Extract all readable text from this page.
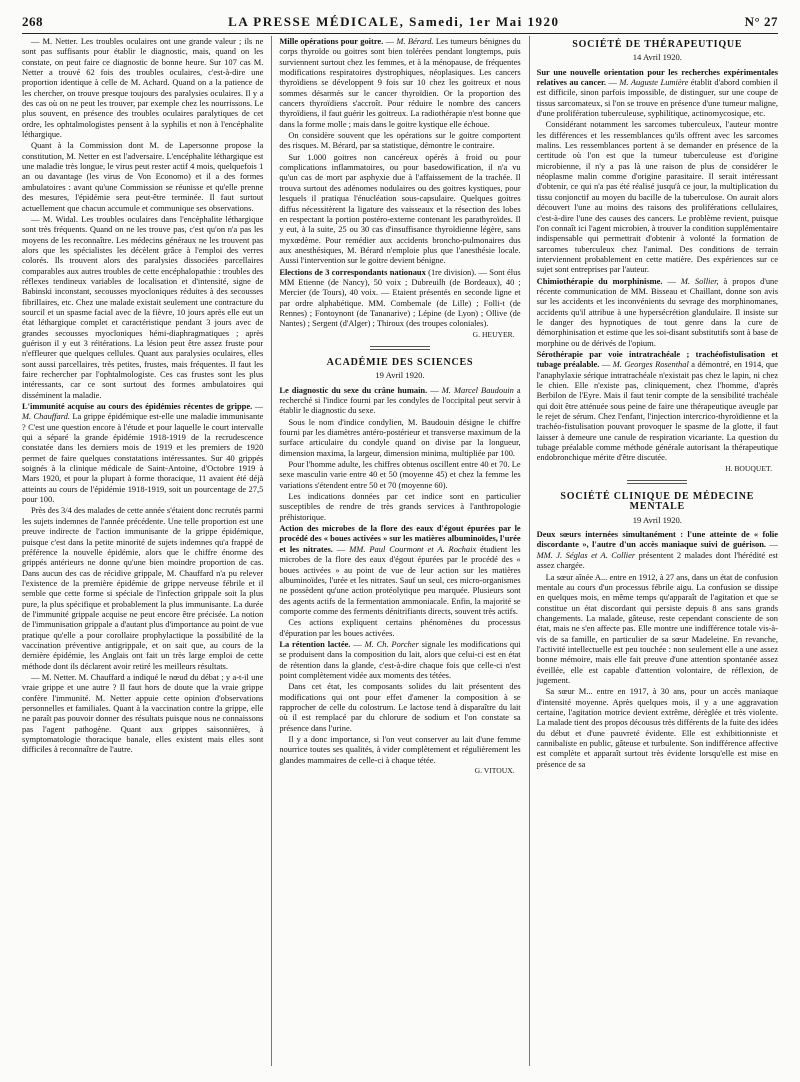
268	LA PRESSE MÉDICALE, Samedi, 1er Mai 1920	N° 27

— M. Netter. Les troubles oculaires ont une grande valeur ; ils ne sont pas suffisants pour établir le diagnostic, mais, quand on les constate, on peut faire ce diagnostic de bonne heure. Sur 107 cas M. Netter a trouvé 62 fois des troubles oculaires, c'est-à-dire une proportion identique à celle de M. Achard. Quand on a la patience de les chercher, on trouve presque toujours des paralysies oculaires. Il y a des cas où on ne peut les trouver, par exemple chez les nourrissons. Le plus souvent, en présence des troubles oculaires paralytiques de cet ordre, les ophtalmologistes pensent à la syphilis et non à l'encéphalite léthargique.

Quant à la Commission dont M. de Lapersonne propose la constitution, M. Netter en est l'adversaire. L'encéphalite léthargique est une maladie très longue, le virus peut rester actif 4 mois, quelquefois 1 an ou davantage (les virus de Von Economo) et il a des formes ambulatoires : avant qu'une Commission se réunisse et qu'elle prenne des mesures, l'épidémie sera peut-être terminée. Il faut surtout actuellement que chacun accumule et communique ses observations.

— M. Widal. Les troubles oculaires dans l'encéphalite léthargique sont très fréquents. Quand on ne les trouve pas, c'est qu'on n'a pas les moyens de les reconnaître. Les médecins généraux ne les trouvent pas alors que les spécialistes les décèlent grâce à l'emploi des verres colorés. Ils trouvent alors des paralysies dissociées parcellaires comparables aux autres troubles de cette encéphalopathie : troubles des réflexes tendineux variables de localisation et d'intensité, signe de Babinski inconstant, secousses myocloniques réduites à des secousses fibrillaires, etc. Chez une malade existait seulement une contracture du sourcil et un spasme facial avec de la fièvre, 10 jours après elle eut un état léthargique complet et caractéristique pendant 3 jours avec de grandes secousses myocloniques hémi-diaphragmatiques ; après guérison il y eut 3 réitérations. La lésion peut être assez fruste pour n'effleurer que quelques cellules. Quant aux paralysies oculaires, elles sont aussi parcellaires, très petites, frustes, mais fréquentes. Il faut les faire rechercher par l'ophtalmologiste. Ces cas frustes sont les plus intéressants, car ce sont surtout des formes ambulatoires qui disséminent la maladie.

L'immunité acquise au cours des épidémies récentes de grippe. — M. Chauffard. La grippe épidémique est-elle une maladie immunisante ? C'est une question encore à l'étude et pour laquelle le court intervalle qui a séparé la grande épidémie 1918-1919 de la recrudescence constatée dans les derniers mois de 1919 et les premiers de 1920 permet de faire quelques constatations intéressantes. Sur 40 grippés soignés à la clinique médicale de Saint-Antoine, d'Octobre 1919 à Mars 1920, et pour la plupart à forme thoracique, 11 avaient été déjà atteints au cours de l'épidémie 1918-1919, soit un pourcentage de 27,5 pour 100.

Près des 3/4 des malades de cette année s'étaient donc recrutés parmi les sujets indemnes de l'année précédente. Une telle proportion est une preuve indirecte de l'action immunisante de la grippe épidémique, puisque c'est dans la petite minorité de sujets indemnes qu'a frappé de préférence la nouvelle épidémie, alors que le chiffre énorme des grippés antérieurs ne donne qu'une bien moindre proportion de cas. Dans aucun des cas de récidive grippale, M. Chauffard n'a pu relever l'existence de la première épidémie de grippe nerveuse fébrile et il semble que cette forme si spéciale de l'infection grippale soit la plus pure, la plus spécifique et probablement la plus immunisante. La durée de l'immunité grippale acquise ne peut encore être précisée. La notion de l'immunisation grippale a d'autant plus d'importance au point de vue pratique qu'elle a pour corollaire prophylactique la possibilité de la vaccination préventive antigrippale, et on sait que, au cours de la dernière épidémie, les Anglais ont fait un très large emploi de cette méthode dont ils déclarent avoir retiré les meilleurs résultats.

— M. Netter. M. Chauffard a indiqué le nœud du débat ; y a-t-il une vraie grippe et une autre ? Il faut hors de doute que la vraie grippe confère l'immunité. M. Netter appuie cette opinion d'observations personnelles et familiales. Quant à la vaccination contre la grippe, elle ne paraît pas pouvoir donner des résultats puisque nous ne connaissons pas l'agent pathogène. Quant aux grippes saisonnières, à symptomatologie thoracique banale, elles existent mais elles sont difficiles à reconnaître de l'autre.

Mille opérations pour goitre. — M. Bérard. Les tumeurs bénignes du corps thyroïde ou goitres sont bien tolérées pendant longtemps, puis surviennent surtout chez les femmes, et à la ménopause, de fréquentes modifications respiratoires dystrophiques, néoplasiques. Les cancers thyroïdiens se développent 9 fois sur 10 chez les goitreux et nous sommes désarmés sur le cancer thyroïdien. Or la proportion des cancers thyroïdiens s'accroît. Pour réduire le nombre des cancers thyroïdiens, il faut guérir les goitreux. La radiothérapie n'est bonne que dans la forme molle ; mais dans le goitre kystique elle échoue.

On considère souvent que les opérations sur le goitre comportent des risques. M. Bérard, par sa statistique, démontre le contraire.

Sur 1.000 goitres non cancéreux opérés à froid ou pour complications inflammatoires, ou pour basedowification, il n'a vu qu'un cas de mort par asphyxie due à l'affaissement de la trachée. Il trouva surtout des adénomes nodulaires ou des goitres kystiques, pour lesquels il pratiqua l'énucléation sous-capsulaire. Quelques goitres diffus nécessitèrent la ligature des vaisseaux et la résection des lobes en respectant la portion postéro-externe contenant les parathyroïdes. Il y eut, à la suite, 25 ou 30 cas d'insuffisance thyroïdienne légère, sans myxœdème. Pour remédier aux accidents broncho-pulmonaires dus aux anesthésiques, M. Bérard n'emploie plus que l'anesthésie locale. Aussi l'intervention sur le goitre devient bénigne.

Elections de 3 correspondants nationaux (1re division). — Sont élus MM Etienne (de Nancy), 50 voix ; Dubreuilh (de Bordeaux), 40 ; Mercier (de Tours), 40 voix. — Etaient présentés en seconde ligne et par ordre alphabétique. MM. Combemale (de Lille) ; Folli-t (de Rennes) ; Fontoynont (de Tananarive) ; Lépine (de Lyon) ; Ollive (de Nantes) ; Sergent (d'Alger) ; Thiroux (des troupes coloniales).

G. HEUYER.
ACADÉMIE DES SCIENCES
19 Avril 1920.

Le diagnostic du sexe du crâne humain. — M. Marcel Baudouin a recherché si l'indice fourni par les condyles de l'occipital peut servir à établir le diagnostic du sexe.

Sous le nom d'indice condylien, M. Baudouin désigne le chiffre fourni par les diamètres antéro-postérieur et transverse maximum de la surface articulaire du condyle quand on divise par la longueur, dimension maxima, la largeur, dimension minima, multipliée par 100.

Pour l'homme adulte, les chiffres obtenus oscillent entre 40 et 70. Le sexe masculin varie entre 40 et 50 (moyenne 45) et chez la femme les variations s'étendent entre 50 et 70 (moyenne 60).

Les indications données par cet indice sont en particulier susceptibles de rendre de très grands services à l'anthropologie préhistorique.

Action des microbes de la flore des eaux d'égout épurées par le procédé des « boues activées » sur les matières albuminoïdes, l'urée et les nitrates. — MM. Paul Courmont et A. Rochaix étudient les microbes de la flore des eaux d'égout épurées par le procédé des « boues activées » au point de vue de leur action sur les matières albuminoïdes, l'urée et les nitrates. Sauf un seul, ces micro-organismes ne possèdent qu'une action protéolytique peu marquée. Plusieurs sont des agents actifs de la fermentation ammoniacale. Enfin, la majorité se comporte comme des ferments dénitrifiants directs, souvent très actifs.

Ces actions expliquent certains phénomènes du processus d'épuration par les boues activées.

La rétention lactée. — M. Ch. Porcher signale les modifications qui se produisent dans la composition du lait, alors que celui-ci est en état de rétention dans la glande, c'est-à-dire chaque fois que celle-ci n'est point complètement vidée aux moments des tétées.

Dans cet état, les composants solides du lait présentent des modifications qui ont pour effet d'amener la composition à se rapprocher de celle du colostrum. Le lactose tend à disparaître du lait où il est remplacé par du chlorure de sodium et l'on constate sa présence dans l'urine.

Il y a donc importance, si l'on veut conserver au lait d'une femme nourrice toutes ses qualités, à vider complètement et régulièrement les glandes mammaires de celle-ci à chaque tétée.

G. VITOUX.
SOCIÉTÉ DE THÉRAPEUTIQUE
14 Avril 1920.

Sur une nouvelle orientation pour les recherches expérimentales relatives au cancer. — M. Auguste Lumière établit d'abord combien il est difficile, sinon parfois impossible, de distinguer, sur une coupe de tissus sarcomateux, si l'on se trouve en présence d'une tumeur maligne, d'une prolifération tuberculeuse, syphilitique, actinomycosique, etc.

Considérant notamment les sarcomes tuberculeux, l'auteur montre les différences et les ressemblances qu'ils offrent avec les sarcomes malins. Les ressemblances portent à se demander en présence de la certitude où l'on est que la tumeur tuberculeuse est d'origine microbienne, il n'y a pas là une raison de plus de considérer le néoplasme malin comme d'origine parasitaire. Il serait intéressant d'obtenir, ce qui n'a pas été réalisé jusqu'à ce jour, la multiplication du tissu conjonctif au moyen du bacille de la tuberculose. On aurait alors découvert l'une au moins des raisons des proliférations cellulaires, c'est-à-dire l'une des causes des cancers. Le problème revient, puisque l'on connaît ici l'agent microbien, à trouver la condition supplémentaire indispensable qui permettrait d'obtenir à volonté la formation de sarcomes tuberculeux chez l'animal. Des conditions de terrain interviennent probablement en cette matière. Des expériences sur ce sujet sont entreprises par l'auteur.

Chimiothérapie du morphinisme. — M. Sollier, à propos d'une récente communication de MM. Bisseau et Chaillant, donne son avis sur les accidents et les inconvénients du sevrage des morphinomanes, accidents qu'il attribue à une hypersécrétion glandulaire. Il insiste sur le danger des hypnotiques de tout genre dans la cure de démorphinisation et estime que les soi-disant substitutifs sont à base de morphine ou de dérivés de l'opium.

Sérothérapie par voie intratrachéale ; trachéofistulisation et tubage préalable. — M. Georges Rosenthal a démontré, en 1914, que l'anaphylaxie sérique intratrachéale n'existait pas chez le lapin, ni chez le chien. Elle n'existe pas, cliniquement, chez l'homme, d'après Berbilon de l'Eyre. Mais il faut tenir compte de la sensibilité trachéale qui doit être atténuée sous peine de faire une thérapeutique aveugle par le rejet de sérum. Chez l'enfant, l'injection intercrico-thyroïdienne et la trachéo-fistulisation pouvant provoquer le spasme de la glotte, il faut laisser à demeure une canule de respiration vicariante. La question du tubage préalable comme méthode générale autorisant la thérapeutique endobronchique mérite d'être discutée.

H. BOUQUET.
SOCIÉTÉ CLINIQUE DE MÉDECINE MENTALE
19 Avril 1920.

Deux sœurs internées simultanément : l'une atteinte de « folie discordante », l'autre d'un accès maniaque suivi de guérison. — MM. J. Séglas et A. Collier présentent 2 malades dont l'hérédité est assez chargée.

La sœur aînée A... entre en 1912, à 27 ans, dans un état de confusion mentale au cours d'un processus fébrile aigu. La confusion se dissipe en quelques mois, en même temps qu'apparaît de l'agitation et que se constitue un état discordant qui persiste depuis 8 ans sans grands changements. La malade, gâteuse, reste cependant consciente de son état, mais ne s'en affecte pas. Elle montre une indifférence totale vis-à-vis de sa famille, en particulier de sa sœur Madeleine. En revanche, l'activité intellectuelle est peu touchée : non seulement elle a une assez bonne mémoire, mais elle fait preuve d'une attention spontanée assez éveillée, elle est capable d'attention volontaire, de réflexion, de jugement.

Sa sœur M... entre en 1917, à 30 ans, pour un accès maniaque d'intensité moyenne. Après quelques mois, il y a une aggravation certaine, l'agitation motrice devient extrême, dérèglée et très violente. La malade tient des propos décousus très différents de la fuite des idées du début et d'une pauvreté évidente. Elle est exhibitionniste et cannibaliste en public, gâteuse et turbulente. Son indifférence affective est complète et apparaît surtout très évidente lorsqu'elle est mise en présence de sa
